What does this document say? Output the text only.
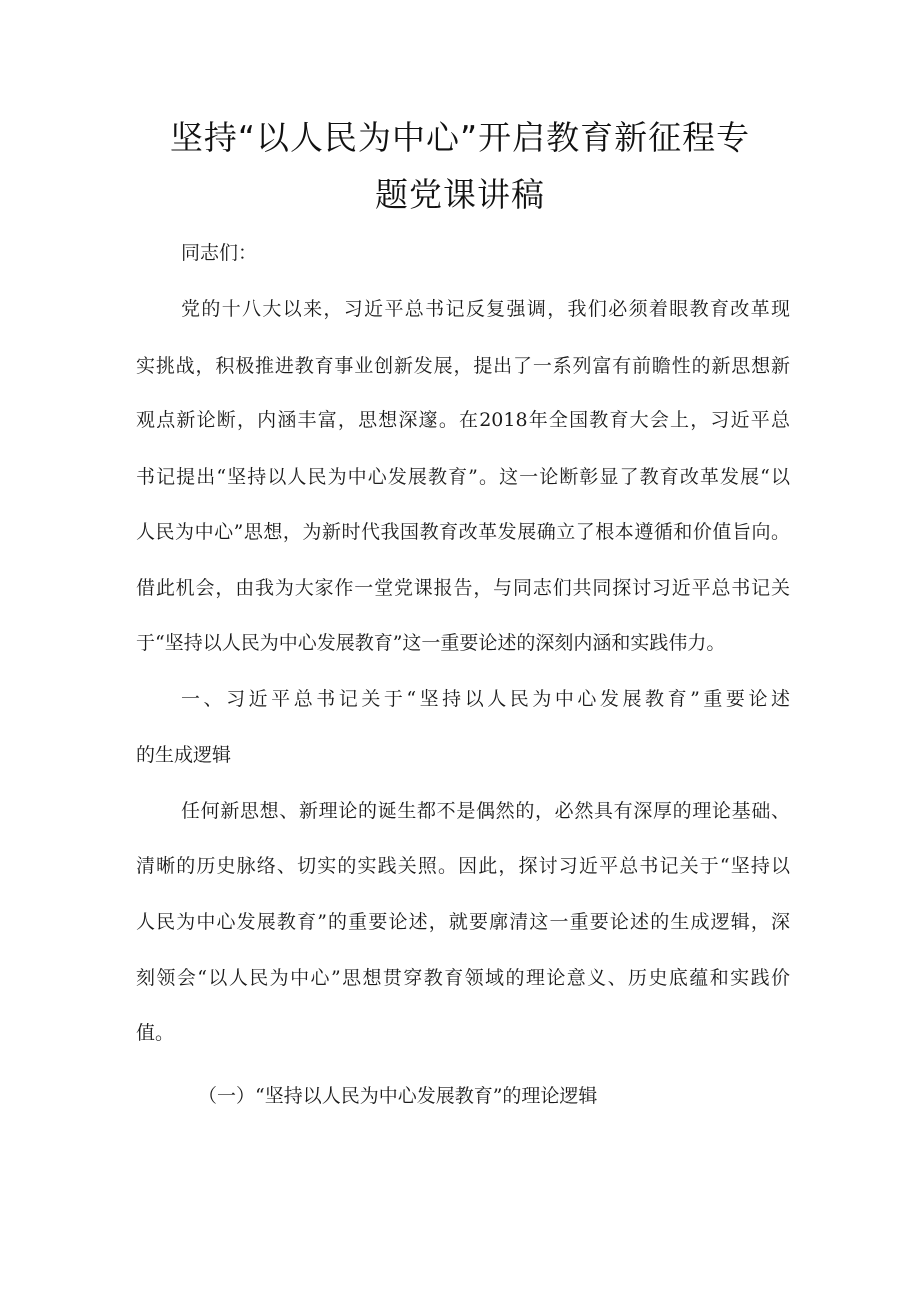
坚持“以人民为中心”开启教育新征程专
题党课讲稿

同志们：

党的十八大以来，习近平总书记反复强调，我们必须着眼教育改革现

实挑战，积极推进教育事业创新发展，提出了一系列富有前瞻性的新思想新

观点新论断，内涵丰富，思想深邃。在2018年全国教育大会上，习近平总

书记提出“坚持以人民为中心发展教育”。这一论断彰显了教育改革发展“以

人民为中心”思想，为新时代我国教育改革发展确立了根本遵循和价值旨向。

借此机会，由我为大家作一堂党课报告，与同志们共同探讨习近平总书记关

于“坚持以人民为中心发展教育”这一重要论述的深刻内涵和实践伟力。

一、习近平总书记关于“坚持以人民为中心发展教育”重要论述

的生成逻辑

任何新思想、新理论的诞生都不是偶然的，必然具有深厚的理论基础、

清晰的历史脉络、切实的实践关照。因此，探讨习近平总书记关于“坚持以

人民为中心发展教育”的重要论述，就要廓清这一重要论述的生成逻辑，深

刻领会“以人民为中心”思想贯穿教育领域的理论意义、历史底蕴和实践价

值。

（一）“坚持以人民为中心发展教育”的理论逻辑
